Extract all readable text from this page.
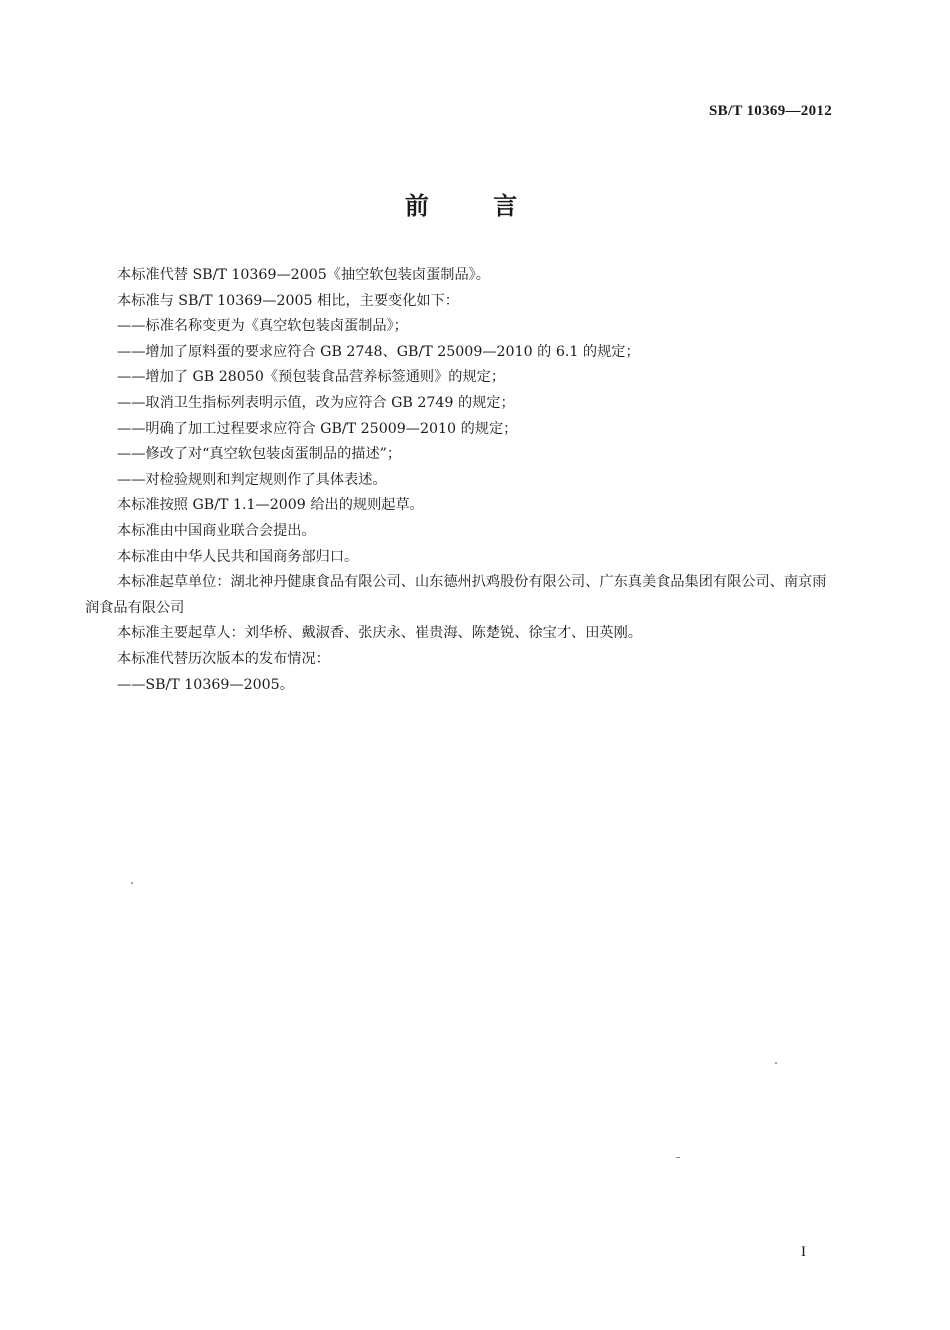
SB/T 10369—2012
前 言

本标准代替 SB/T 10369—2005《抽空软包装卤蛋制品》。

本标准与 SB/T 10369—2005 相比，主要变化如下：

——标准名称变更为《真空软包装卤蛋制品》；

——增加了原料蛋的要求应符合 GB 2748、GB/T 25009—2010 的 6.1 的规定；

——增加了 GB 28050《预包装食品营养标签通则》的规定；

——取消卫生指标列表明示值，改为应符合 GB 2749 的规定；

——明确了加工过程要求应符合 GB/T 25009—2010 的规定；

——修改了对“真空软包装卤蛋制品的描述”；

——对检验规则和判定规则作了具体表述。

本标准按照 GB/T 1.1—2009 给出的规则起草。

本标准由中国商业联合会提出。

本标准由中华人民共和国商务部归口。

本标准起草单位：湖北神丹健康食品有限公司、山东德州扒鸡股份有限公司、广东真美食品集团有限公司、南京雨润食品有限公司

本标准主要起草人：刘华桥、戴淑香、张庆永、崔贵海、陈楚锐、徐宝才、田英刚。

本标准代替历次版本的发布情况：

——SB/T 10369—2005。

I
